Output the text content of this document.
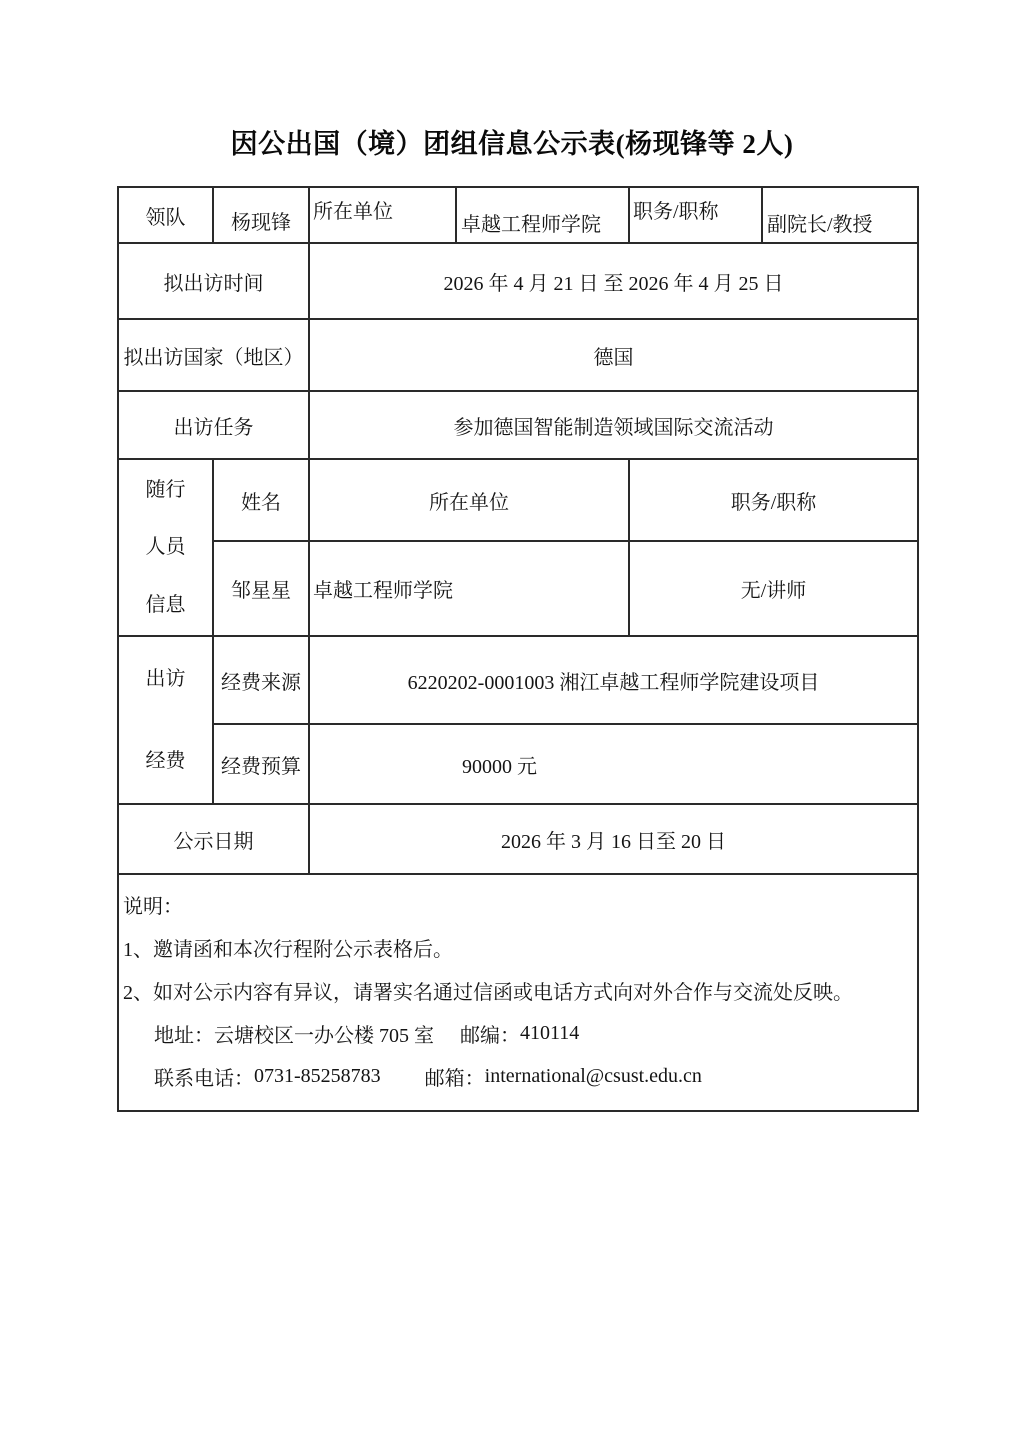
因公出国（境）团组信息公示表(杨现锋等 2人)
领队	杨现锋	所在单位	卓越工程师学院	职务/职称	副院长/教授
拟出访时间		2026 年 4 月 21 日 至 2026 年 4 月 25 日			
拟出访国家（地区）		德国			
出访任务		参加德国智能制造领域国际交流活动			

随行
人员
信息	姓名	所在单位		职务/职称	
	邹星星	卓越工程师学院		无/讲师	

出访
经费	经费来源	6220202-0001003 湘江卓越工程师学院建设项目			
	经费预算	90000 元			
公示日期		2026 年 3 月 16 日至 20 日			

说明：
1、邀请函和本次行程附公示表格后。
2、如对公示内容有异议，请署实名通过信函或电话方式向对外合作与交流处反映。
地址： 云塘校区一办公楼 705 室 邮编： 410114
联系电话： 0731-85258783 邮箱： international@csust.edu.cn
